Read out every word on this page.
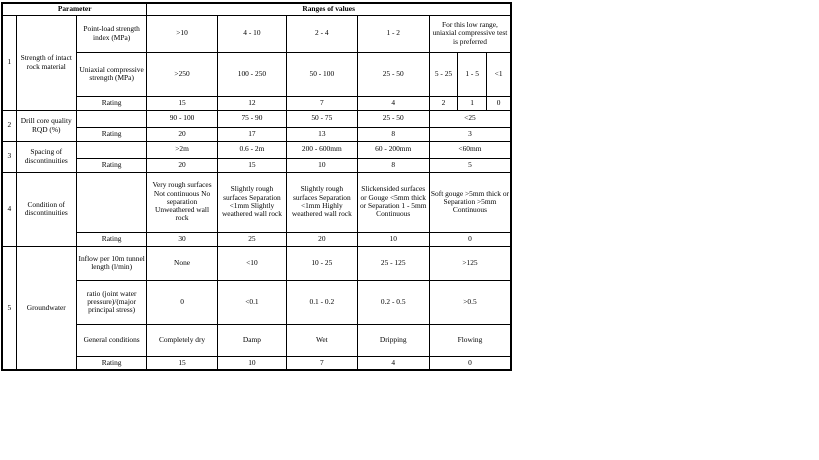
Parameter			Ranges of values						
1	Strength of intact rock material	Point-load strength index (MPa)	>10	4 - 10	2 - 4	1 - 2	For this low range, uniaxial compressive test is preferred		
		Uniaxial compressive strength (MPa)	>250	100 - 250	50 - 100	25 - 50	5 - 25	1 - 5	<1
		Rating	15	12	7	4	2	1	0
2	Drill core quality RQD (%)		90 - 100	75 - 90	50 - 75	25 - 50	<25		
		Rating	20	17	13	8	3		
3	Spacing of discontinuities		>2m	0.6 - 2m	200 - 600mm	60 - 200mm	<60mm		
		Rating	20	15	10	8	5		
4	Condition of discontinuities		Very rough surfaces Not continuous No separation Unweathered wall rock	Slightly rough surfaces Separation <1mm Slightly weathered wall rock	Slightly rough surfaces Separation <1mm Highly weathered wall rock	Slickensided surfaces or Gouge <5mm thick or Separation 1 - 5mm Continuous	Soft gouge >5mm thick or Separation >5mm Continuous		
		Rating	30	25	20	10	0		
5	Groundwater	Inflow per 10m tunnel length (l/min)	None	<10	10 - 25	25 - 125	>125		
		ratio (joint water pressure)/(major principal stress)	0	<0.1	0.1 - 0.2	0.2 - 0.5	>0.5		
		General conditions	Completely dry	Damp	Wet	Dripping	Flowing		
		Rating	15	10	7	4	0		
